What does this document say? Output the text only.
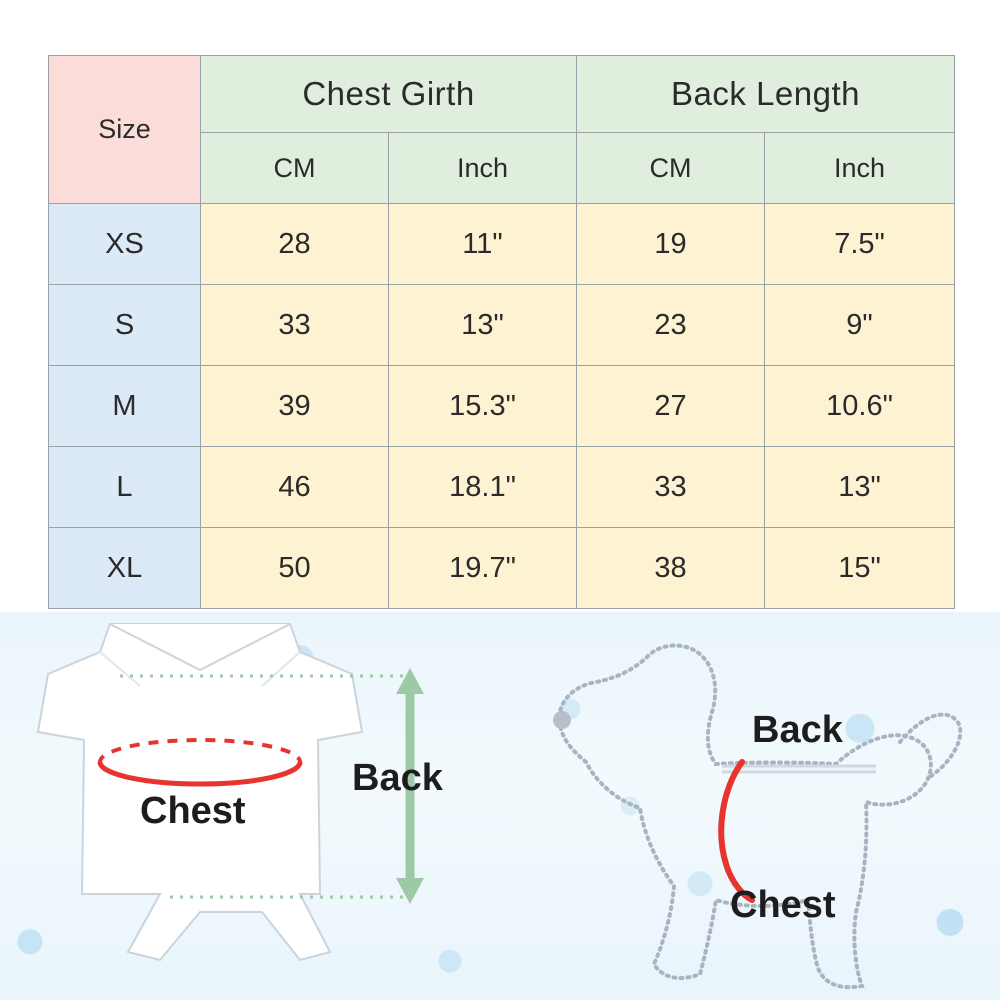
Size	Chest Girth		Back Length	
	CM	Inch	CM	Inch
XS	28	11"	19	7.5"
S	33	13"	23	9"
M	39	15.3"	27	10.6"
L	46	18.1"	33	13"
XL	50	19.7"	38	15"
Chest
Back
Back
Chest
